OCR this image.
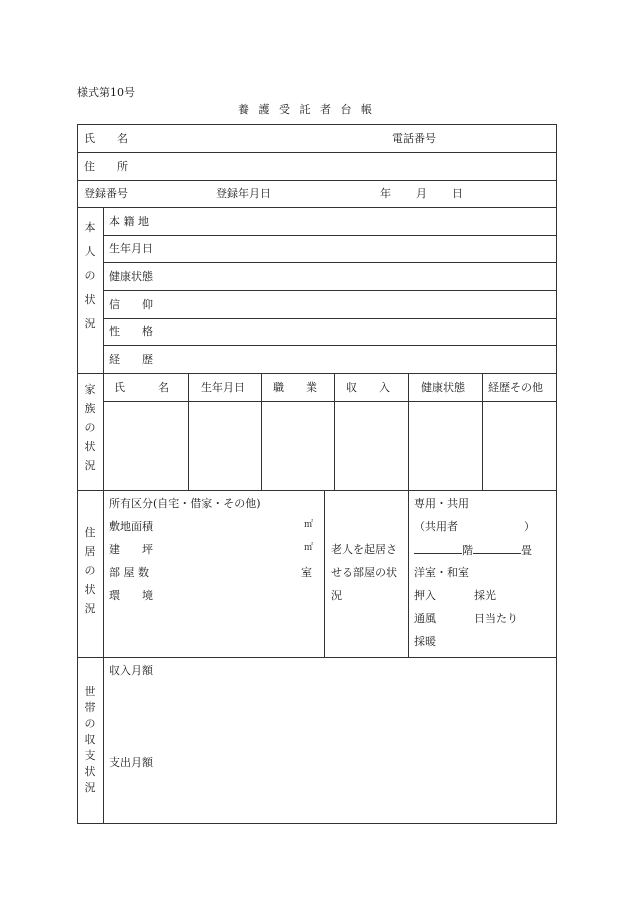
様式第10号
養 護 受 託 者 台 帳
氏　　名	電話番号
住　　所
登録番号	登録年月日	年 月 日
本
人
の
状
況
本 籍 地
生年月日
健康状態
信　　仰
性　　格
経　　歴
家
族
の
状
況
氏　　　名	生年月日	職　　業	収　　入	健康状態 経歴その他
住
居
の
状
況
所有区分(自宅・借家・その他)
敷地面積	㎡
建　　坪	㎡
部 屋 数	室
環　　境
老人を起居さ
せる部屋の状
況
専用・共用
（共用者　　　　　　）
階	畳
洋室・和室
押入	採光
通風	日当たり
採暖
世
帯
の
収
支
状
況
収入月額
支出月額
